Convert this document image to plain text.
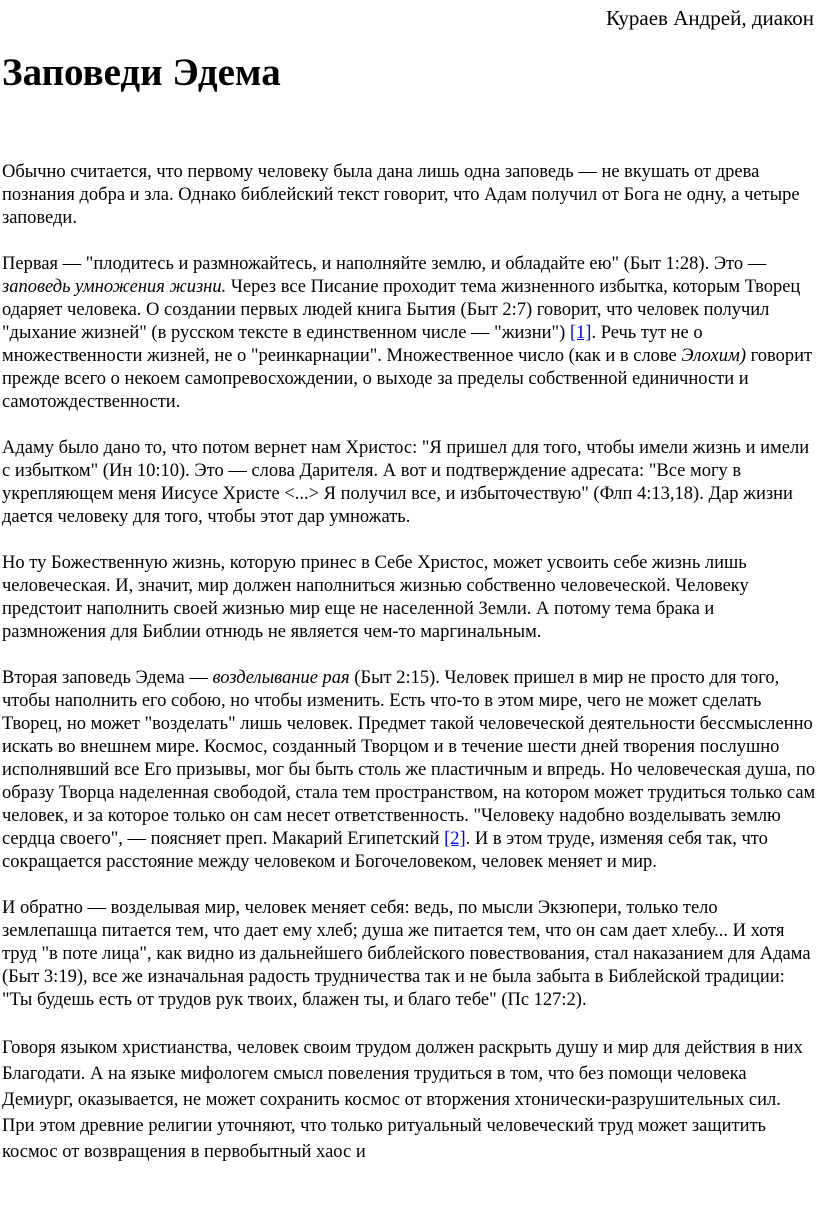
Кураев Андрей, диакон
Заповеди Эдема

Обычно считается, что первому человеку была дана лишь одна заповедь — не вкушать от древа познания добра и зла. Однако библейский текст говорит, что Адам получил от Бога не одну, а четыре заповеди.

Первая — "плодитесь и размножайтесь, и наполняйте землю, и обладайте ею" (Быт 1:28). Это — заповедь умножения жизни. Через все Писание проходит тема жизненного избытка, которым Творец одаряет человека. О создании первых людей книга Бытия (Быт 2:7) говорит, что человек получил "дыхание жизней" (в русском тексте в единственном числе — "жизни") [1]. Речь тут не о множественности жизней, не о "реинкарнации". Множественное число (как и в слове Элохим) говорит прежде всего о некоем самопревосхождении, о выходе за пределы собственной единичности и самотождественности.

Адаму было дано то, что потом вернет нам Христос: "Я пришел для того, чтобы имели жизнь и имели с избытком" (Ин 10:10). Это — слова Дарителя. А вот и подтверждение адресата: "Все могу в укрепляющем меня Иисусе Христе <...> Я получил все, и избыточествую" (Флп 4:13,18). Дар жизни дается человеку для того, чтобы этот дар умножать.

Но ту Божественную жизнь, которую принес в Себе Христос, может усвоить себе жизнь лишь человеческая. И, значит, мир должен наполниться жизнью собственно человеческой. Человеку предстоит наполнить своей жизнью мир еще не населенной Земли. А потому тема брака и размножения для Библии отнюдь не является чем-то маргинальным.

Вторая заповедь Эдема — возделывание рая (Быт 2:15). Человек пришел в мир не просто для того, чтобы наполнить его собою, но чтобы изменить. Есть что-то в этом мире, чего не может сделать Творец, но может "возделать" лишь человек. Предмет такой человеческой деятельности бессмысленно искать во внешнем мире. Космос, созданный Творцом и в течение шести дней творения послушно исполнявший все Его призывы, мог бы быть столь же пластичным и впредь. Но человеческая душа, по образу Творца наделенная свободой, стала тем пространством, на котором может трудиться только сам человек, и за которое только он сам несет ответственность. "Человеку надобно возделывать землю сердца своего", — поясняет преп. Макарий Египетский [2]. И в этом труде, изменяя себя так, что сокращается расстояние между человеком и Богочеловеком, человек меняет и мир.

И обратно — возделывая мир, человек меняет себя: ведь, по мысли Экзюпери, только тело землепашца питается тем, что дает ему хлеб; душа же питается тем, что он сам дает хлебу... И хотя труд "в поте лица", как видно из дальнейшего библейского повествования, стал наказанием для Адама (Быт 3:19), все же изначальная радость трудничества так и не была забыта в Библейской традиции: "Ты будешь есть от трудов рук твоих, блажен ты, и благо тебе" (Пс 127:2).

Говоря языком христианства, человек своим трудом должен раскрыть душу и мир для действия в них Благодати. А на языке мифологем смысл повеления трудиться в том, что без помощи человека Демиург, оказывается, не может сохранить космос от вторжения хтонически-разрушительных сил. При этом древние религии уточняют, что только ритуальный человеческий труд может защитить космос от возвращения в первобытный хаос и
